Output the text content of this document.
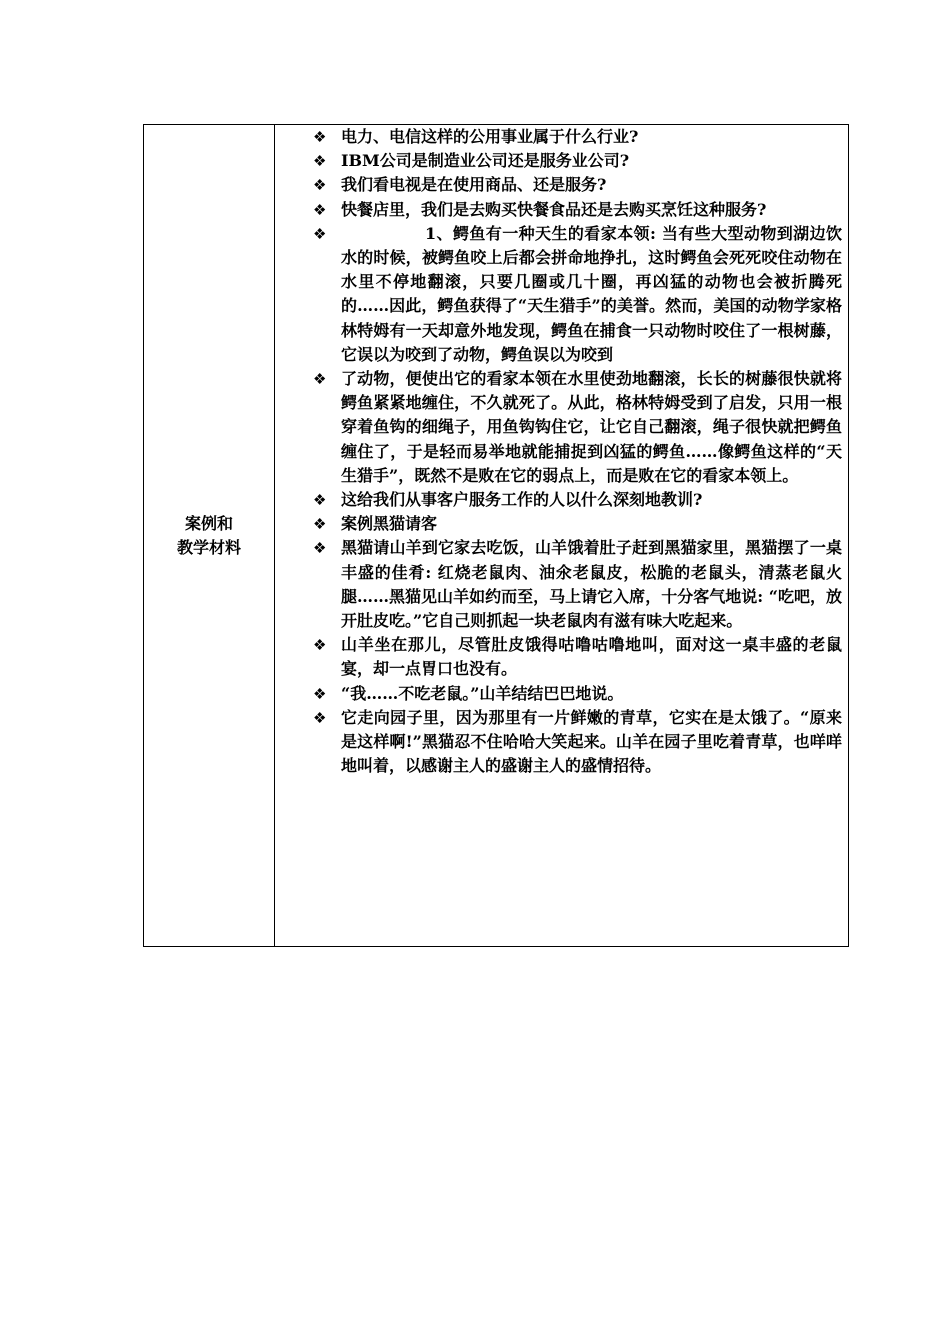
案例和
教学材料
❖ 电力、电信这样的公用事业属于什么行业?
❖ IBM公司是制造业公司还是服务业公司?
❖ 我们看电视是在使用商品、还是服务?
❖ 快餐店里，我们是去购买快餐食品还是去购买烹饪这种服务?
❖	1、鳄鱼有一种天生的看家本领: 当有些大型动物到湖边饮水的时候，被鳄鱼咬上后都会拼命地挣扎，这时鳄鱼会死死咬住动物在水里不停地翻滚，只要几圈或几十圈，再凶猛的动物也会被折腾死的……因此，鳄鱼获得了“天生猎手”的美誉。然而，美国的动物学家格林特姆有一天却意外地发现，鳄鱼在捕食一只动物时咬住了一根树藤，它误以为咬到了动物，鳄鱼误以为咬到
❖ 了动物，便使出它的看家本领在水里使劲地翻滚，长长的树藤很快就将鳄鱼紧紧地缠住，不久就死了。从此，格林特姆受到了启发，只用一根穿着鱼钩的细绳子，用鱼钩钩住它，让它自己翻滚，绳子很快就把鳄鱼缠住了，于是轻而易举地就能捕捉到凶猛的鳄鱼……像鳄鱼这样的“天生猎手”，既然不是败在它的弱点上，而是败在它的看家本领上。
❖ 这给我们从事客户服务工作的人以什么深刻地教训?
❖ 案例黑猫请客
❖ 黑猫请山羊到它家去吃饭，山羊饿着肚子赶到黑猫家里，黑猫摆了一桌丰盛的佳肴: 红烧老鼠肉、油氽老鼠皮，松脆的老鼠头，清蒸老鼠火腿……黑猫见山羊如约而至，马上请它入席，十分客气地说: “吃吧，放开肚皮吃。”它自己则抓起一块老鼠肉有滋有味大吃起来。
❖ 山羊坐在那儿，尽管肚皮饿得咕噜咕噜地叫，面对这一桌丰盛的老鼠宴，却一点胃口也没有。
❖ “我……不吃老鼠。”山羊结结巴巴地说。
❖ 它走向园子里，因为那里有一片鲜嫩的青草，它实在是太饿了。“原来是这样啊!”黑猫忍不住哈哈大笑起来。山羊在园子里吃着青草，也咩咩地叫着，以感谢主人的盛谢主人的盛情招待。
